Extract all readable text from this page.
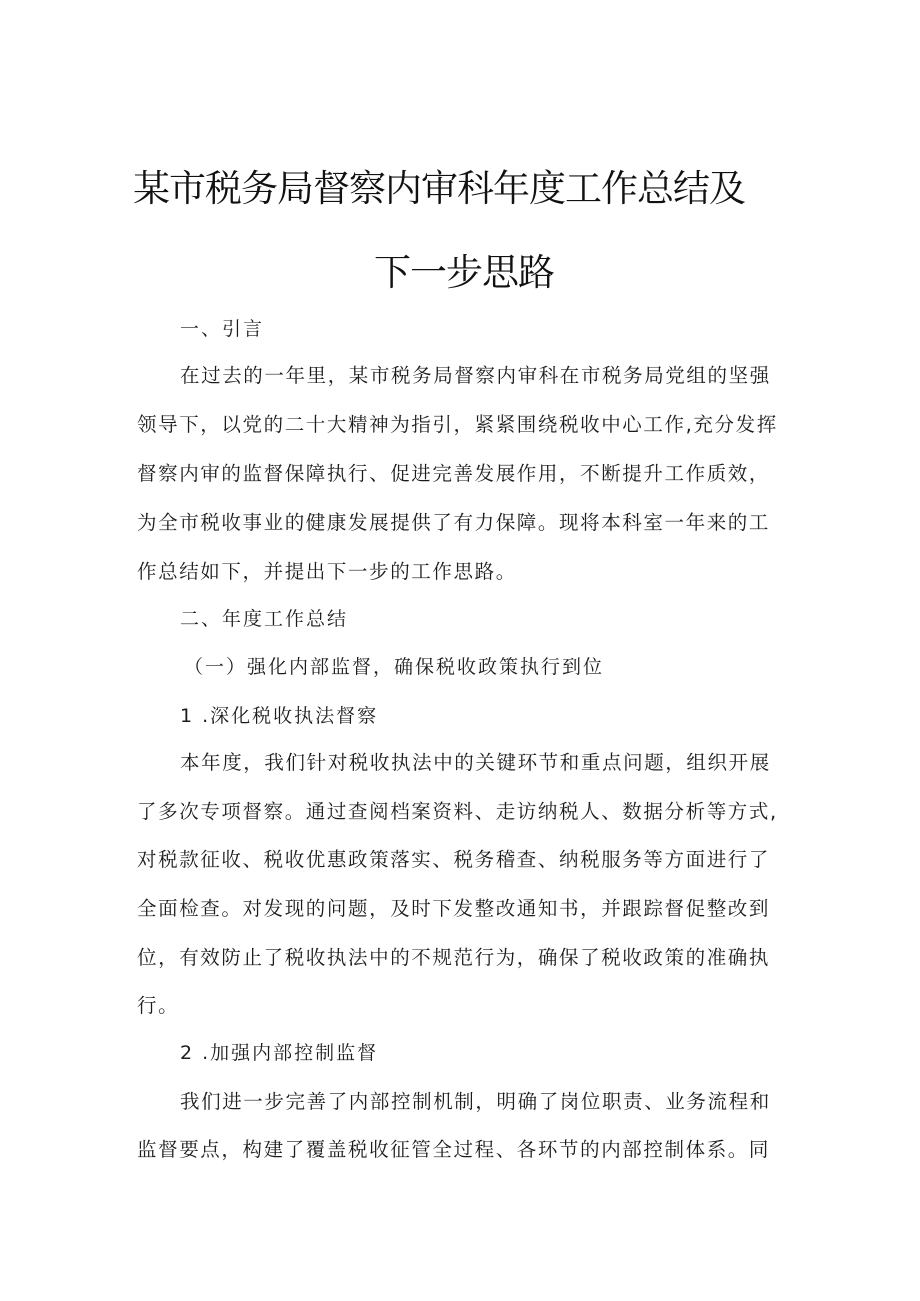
某市税务局督察内审科年度工作总结及
下一步思路

一、引言

在过去的一年里，某市税务局督察内审科在市税务局党组的坚强

领导下，以党的二十大精神为指引，紧紧围绕税收中心工作,充分发挥

督察内审的监督保障执行、促进完善发展作用，不断提升工作质效，

为全市税收事业的健康发展提供了有力保障。现将本科室一年来的工

作总结如下，并提出下一步的工作思路。

二、年度工作总结

（一）强化内部监督，确保税收政策执行到位

1 .深化税收执法督察

本年度，我们针对税收执法中的关键环节和重点问题，组织开展

了多次专项督察。通过查阅档案资料、走访纳税人、数据分析等方式,

对税款征收、税收优惠政策落实、税务稽查、纳税服务等方面进行了

全面检查。对发现的问题，及时下发整改通知书，并跟踪督促整改到

位，有效防止了税收执法中的不规范行为，确保了税收政策的准确执

行。

2 .加强内部控制监督

我们进一步完善了内部控制机制，明确了岗位职责、业务流程和

监督要点，构建了覆盖税收征管全过程、各环节的内部控制体系。同
